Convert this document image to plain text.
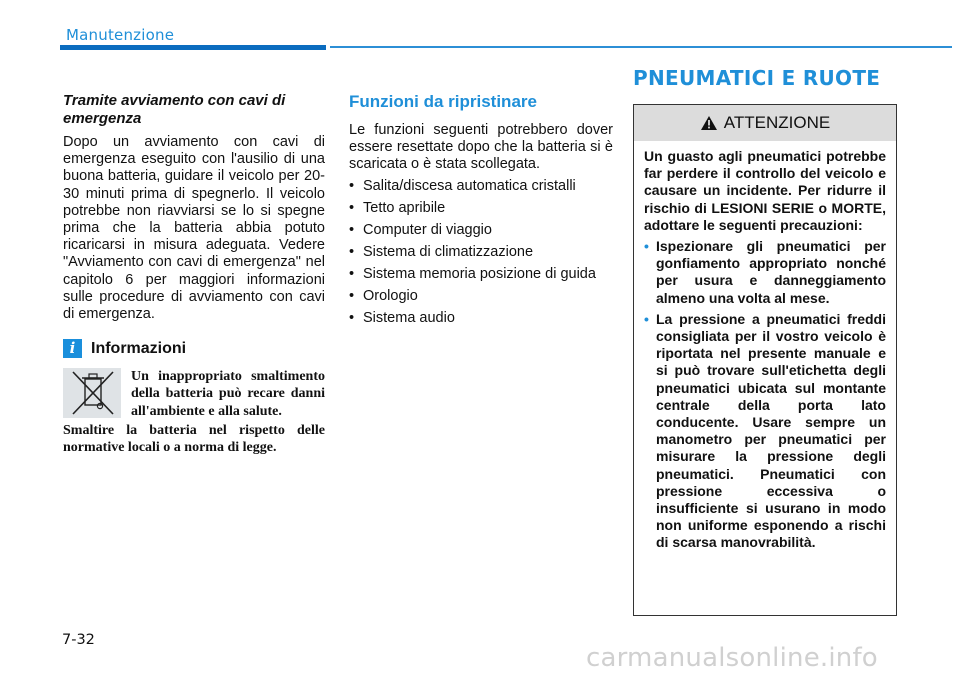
Manutenzione

Tramite avviamento con cavi di emergenza

Dopo un avviamento con cavi di emergenza eseguito con l'ausilio di una buona batteria, guidare il veicolo per 20-30 minuti prima di spegnerlo. Il veicolo potrebbe non riavviarsi se lo si spegne prima che la batteria abbia potuto ricaricarsi in misura adeguata. Vedere "Avviamento con cavi di emergenza" nel capitolo 6 per maggiori informazioni sulle procedure di avviamento con cavi di emergenza.

i Informazioni
Un inappropriato smaltimento della batteria può recare danni all'ambiente e alla salute.
Smaltire la batteria nel rispetto delle normative locali o a norma di legge.

Funzioni da ripristinare

Le funzioni seguenti potrebbero dover essere resettate dopo che la batteria si è scaricata o è stata scollegata.

• Salita/discesa automatica cristalli
• Tetto apribile
• Computer di viaggio
• Sistema di climatizzazione
• Sistema memoria posizione di guida
• Orologio
• Sistema audio

PNEUMATICI E RUOTE

ATTENZIONE

Un guasto agli pneumatici potrebbe far perdere il controllo del veicolo e causare un incidente. Per ridurre il rischio di LESIONI SERIE o MORTE, adottare le seguenti precauzioni:

• Ispezionare gli pneumatici per gonfiamento appropriato nonché per usura e danneggiamento almeno una volta al mese.
• La pressione a pneumatici freddi consigliata per il vostro veicolo è riportata nel presente manuale e si può trovare sull'etichetta degli pneumatici ubicata sul montante centrale della porta lato conducente. Usare sempre un manometro per pneumatici per misurare la pressione degli pneumatici. Pneumatici con pressione eccessiva o insufficiente si usurano in modo non uniforme esponendo a rischi di scarsa manovrabilità.
7-32
carmanualsonline.info
